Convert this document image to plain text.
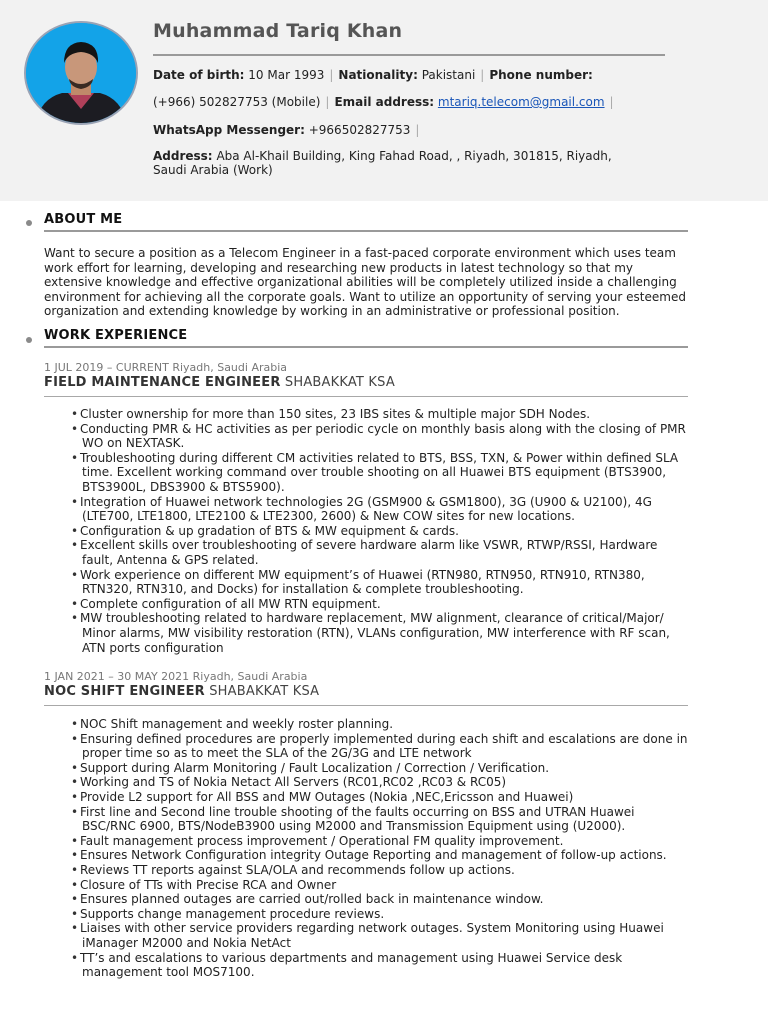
Muhammad Tariq Khan
Date of birth: 10 Mar 1993 | Nationality: Pakistani | Phone number:
(+966) 502827753 (Mobile) | Email address: mtariq.telecom@gmail.com |
WhatsApp Messenger: +966502827753 |
Address: Aba Al-Khail Building, King Fahad Road, , Riyadh, 301815, Riyadh, Saudi Arabia (Work)
ABOUT ME
Want to secure a position as a Telecom Engineer in a fast-paced corporate environment which uses team work effort for learning, developing and researching new products in latest technology so that my extensive knowledge and effective organizational abilities will be completely utilized inside a challenging environment for achieving all the corporate goals. Want to utilize an opportunity of serving your esteemed organization and extending knowledge by working in an administrative or professional position.
WORK EXPERIENCE
1 JUL 2019 – CURRENT Riyadh, Saudi Arabia
FIELD MAINTENANCE ENGINEER SHABAKKAT KSA
• Cluster ownership for more than 150 sites, 23 IBS sites & multiple major SDH Nodes.
• Conducting PMR & HC activities as per periodic cycle on monthly basis along with the closing of PMR WO on NEXTASK.
• Troubleshooting during different CM activities related to BTS, BSS, TXN, & Power within defined SLA time. Excellent working command over trouble shooting on all Huawei BTS equipment (BTS3900, BTS3900L, DBS3900 & BTS5900).
• Integration of Huawei network technologies 2G (GSM900 & GSM1800), 3G (U900 & U2100), 4G (LTE700, LTE1800, LTE2100 & LTE2300, 2600) & New COW sites for new locations.
• Configuration & up gradation of BTS & MW equipment & cards.
• Excellent skills over troubleshooting of severe hardware alarm like VSWR, RTWP/RSSI, Hardware fault, Antenna & GPS related.
• Work experience on different MW equipment’s of Huawei (RTN980, RTN950, RTN910, RTN380, RTN320, RTN310, and Docks) for installation & complete troubleshooting.
• Complete configuration of all MW RTN equipment.
• MW troubleshooting related to hardware replacement, MW alignment, clearance of critical/Major/ Minor alarms, MW visibility restoration (RTN), VLANs configuration, MW interference with RF scan, ATN ports configuration
1 JAN 2021 – 30 MAY 2021 Riyadh, Saudi Arabia
NOC SHIFT ENGINEER SHABAKKAT KSA
• NOC Shift management and weekly roster planning.
• Ensuring defined procedures are properly implemented during each shift and escalations are done in proper time so as to meet the SLA of the 2G/3G and LTE network
• Support during Alarm Monitoring / Fault Localization / Correction / Verification.
• Working and TS of Nokia Netact All Servers (RC01,RC02 ,RC03 & RC05)
• Provide L2 support for All BSS and MW Outages (Nokia ,NEC,Ericsson and Huawei)
• First line and Second line trouble shooting of the faults occurring on BSS and UTRAN Huawei BSC/RNC 6900, BTS/NodeB3900 using M2000 and Transmission Equipment using (U2000).
• Fault management process improvement / Operational FM quality improvement.
• Ensures Network Configuration integrity Outage Reporting and management of follow-up actions.
• Reviews TT reports against SLA/OLA and recommends follow up actions.
• Closure of TTs with Precise RCA and Owner
• Ensures planned outages are carried out/rolled back in maintenance window.
• Supports change management procedure reviews.
• Liaises with other service providers regarding network outages. System Monitoring using Huawei iManager M2000 and Nokia NetAct
• TT’s and escalations to various departments and management using Huawei Service desk management tool MOS7100.
